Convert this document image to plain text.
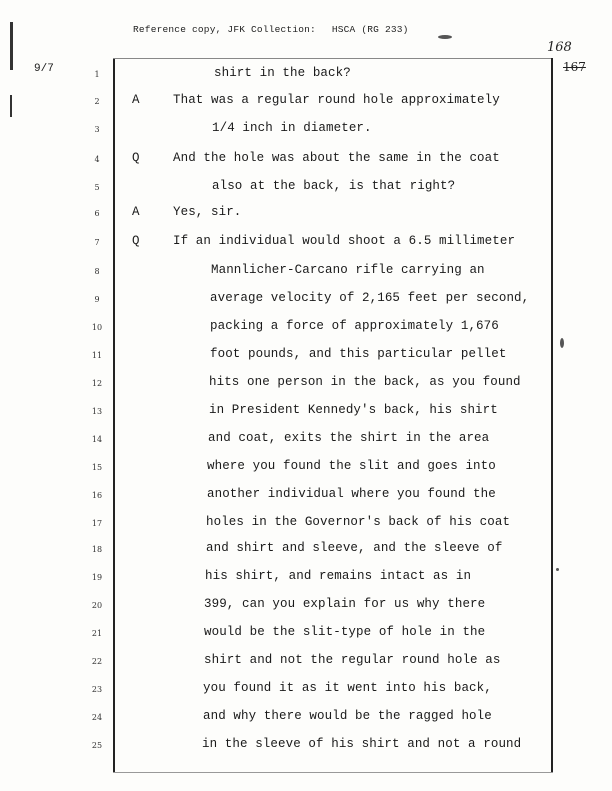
Reference copy, JFK Collection: HSCA (RG 233)
9/7
168
167
1	shirt in the back?
2	A	That was a regular round hole approximately
3	1/4 inch in diameter.
4	Q	And the hole was about the same in the coat
5	also at the back, is that right?
6	A	Yes, sir.
7	Q	If an individual would shoot a 6.5 millimeter
8	Mannlicher-Carcano rifle carrying an
9	average velocity of 2,165 feet per second,
10	packing a force of approximately 1,676
11	foot pounds, and this particular pellet
12	hits one person in the back, as you found
13	in President Kennedy's back, his shirt
14	and coat, exits the shirt in the area
15	where you found the slit and goes into
16	another individual where you found the
17	holes in the Governor's back of his coat
18	and shirt and sleeve, and the sleeve of
19	his shirt, and remains intact as in
20	399, can you explain for us why there
21	would be the slit-type of hole in the
22	shirt and not the regular round hole as
23	you found it as it went into his back,
24	and why there would be the ragged hole
25	in the sleeve of his shirt and not a round
